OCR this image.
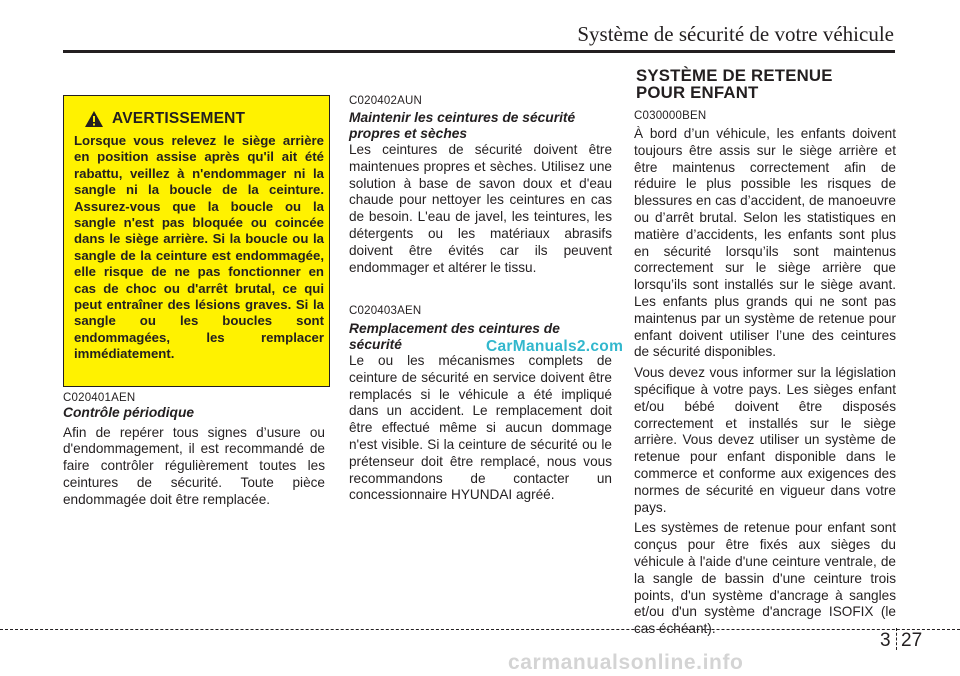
Système de sécurité de votre véhicule
AVERTISSEMENT
Lorsque vous relevez le siège arrière en position assise après qu'il ait été rabattu, veillez à n'endommager ni la sangle ni la boucle de la ceinture. Assurez-vous que la boucle ou la sangle n'est pas bloquée ou coincée dans le siège arrière. Si la boucle ou la sangle de la ceinture est endommagée, elle risque de ne pas fonctionner en cas de choc ou d'arrêt brutal, ce qui peut entraîner des lésions graves. Si la sangle ou les boucles sont endommagées, les remplacer immédiatement.
C020401AEN
Contrôle périodique

Afin de repérer tous signes d’usure ou d'endommagement, il est recommandé de faire contrôler régulièrement toutes les ceintures de sécurité. Toute pièce endommagée doit être remplacée.

C020402AUN
Maintenir les ceintures de sécurité propres et sèches

Les ceintures de sécurité doivent être maintenues propres et sèches. Utilisez une solution à base de savon doux et d'eau chaude pour nettoyer les ceintures en cas de besoin. L'eau de javel, les teintures, les détergents ou les matériaux abrasifs doivent être évités car ils peuvent endommager et altérer le tissu.

C020403AEN
Remplacement des ceintures de sécurité

Le ou les mécanismes complets de ceinture de sécurité en service doivent être remplacés si le véhicule a été impliqué dans un accident. Le remplacement doit être effectué même si aucun dommage n'est visible. Si la ceinture de sécurité ou le prétenseur doit être remplacé, nous vous recommandons de contacter un concessionnaire HYUNDAI agréé.

SYSTÈME DE RETENUE
POUR ENFANT
C030000BEN

À bord d’un véhicule, les enfants doivent toujours être assis sur le siège arrière et être maintenus correctement afin de réduire le plus possible les risques de blessures en cas d’accident, de manoeuvre ou d’arrêt brutal. Selon les statistiques en matière d’accidents, les enfants sont plus en sécurité lorsqu’ils sont maintenus correctement sur le siège arrière que lorsqu’ils sont installés sur le siège avant. Les enfants plus grands qui ne sont pas maintenus par un système de retenue pour enfant doivent utiliser l’une des ceintures de sécurité disponibles.

Vous devez vous informer sur la législation spécifique à votre pays. Les sièges enfant et/ou bébé doivent être disposés correctement et installés sur le siège arrière. Vous devez utiliser un système de retenue pour enfant disponible dans le commerce et conforme aux exigences des normes de sécurité en vigueur dans votre pays.

Les systèmes de retenue pour enfant sont conçus pour être fixés aux sièges du véhicule à l'aide d'une ceinture ventrale, de la sangle de bassin d'une ceinture trois points, d'un système d'ancrage à sangles et/ou d'un système d'ancrage ISOFIX (le cas échéant).

CarManuals2.com
3 27
carmanualsonline.info
